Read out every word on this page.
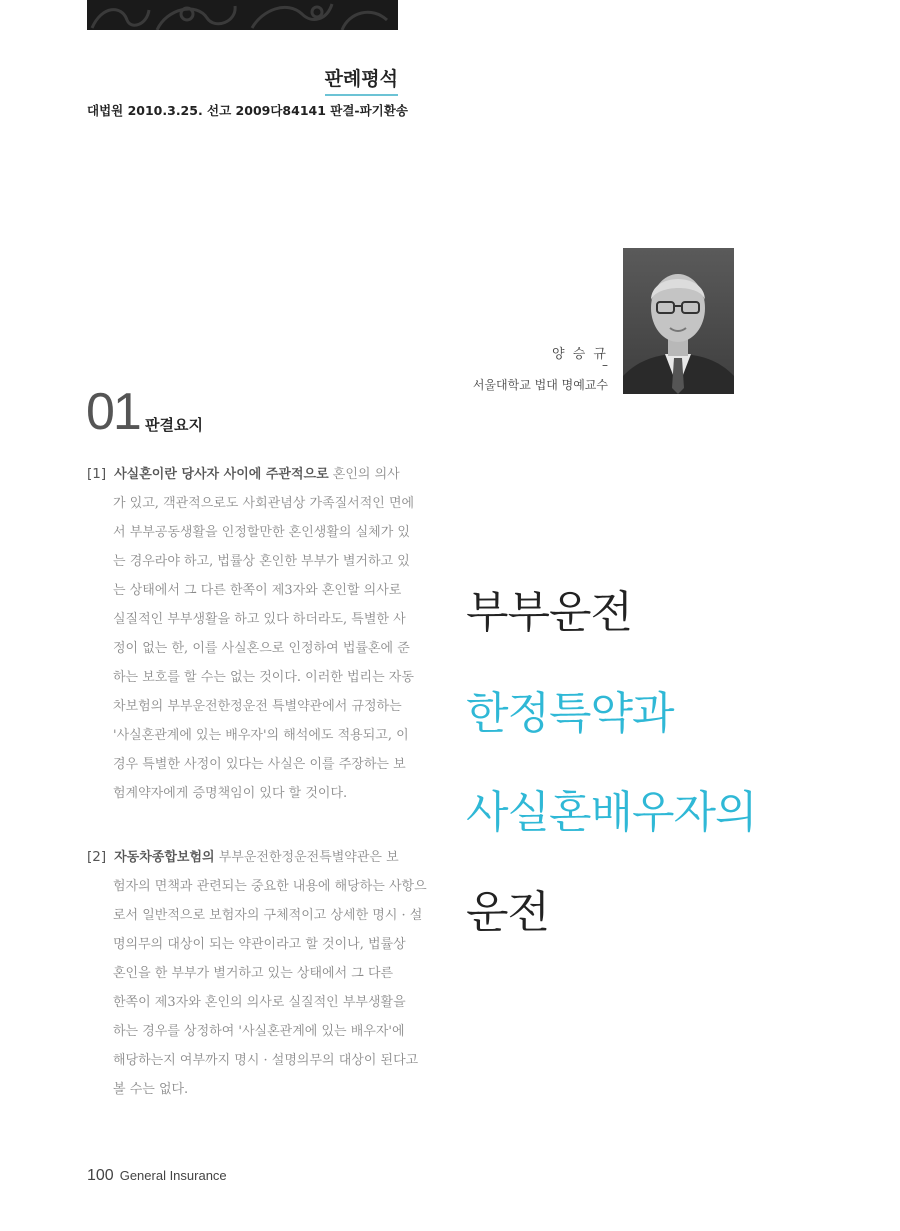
판례평석
대법원 2010.3.25. 선고 2009다84141 판결-파기환송
양 승 규
–
서울대학교 법대 명예교수
01 판결요지
[1] 사실혼이란 당사자 사이에 주관적으로 혼인의 의사
가 있고, 객관적으로도 사회관념상 가족질서적인 면에
서 부부공동생활을 인정할만한 혼인생활의 실체가 있
는 경우라야 하고, 법률상 혼인한 부부가 별거하고 있
는 상태에서 그 다른 한쪽이 제3자와 혼인할 의사로
실질적인 부부생활을 하고 있다 하더라도, 특별한 사
정이 없는 한, 이를 사실혼으로 인정하여 법률혼에 준
하는 보호를 할 수는 없는 것이다. 이러한 법리는 자동
차보험의 부부운전한정운전 특별약관에서 규정하는
'사실혼관계에 있는 배우자'의 해석에도 적용되고, 이
경우 특별한 사정이 있다는 사실은 이를 주장하는 보
험계약자에게 증명책임이 있다 할 것이다.
[2] 자동차종합보험의 부부운전한정운전특별약관은 보
험자의 면책과 관련되는 중요한 내용에 해당하는 사항으
로서 일반적으로 보험자의 구체적이고 상세한 명시 · 설
명의무의 대상이 되는 약관이라고 할 것이나, 법률상
혼인을 한 부부가 별거하고 있는 상태에서 그 다른
한쪽이 제3자와 혼인의 의사로 실질적인 부부생활을
하는 경우를 상정하여 '사실혼관계에 있는 배우자'에
해당하는지 여부까지 명시 · 설명의무의 대상이 된다고
볼 수는 없다.
부부운전
한정특약과
사실혼배우자의
운전
100 General Insurance
